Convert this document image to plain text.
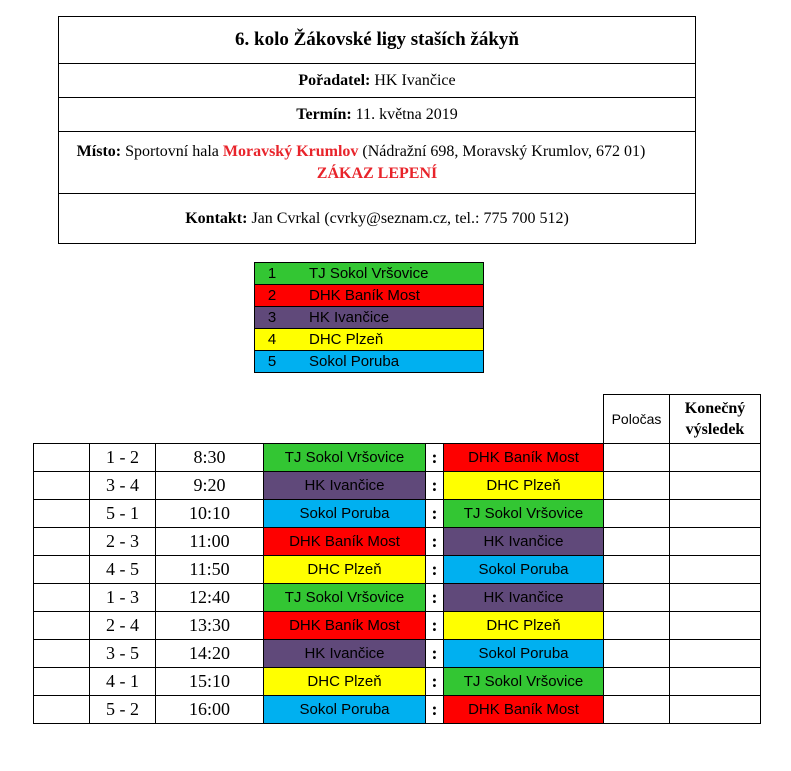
6. kolo Žákovské ligy staších žákyň
Pořadatel: HK Ivančice
Termín: 11. května 2019
Místo: Sportovní hala Moravský Krumlov (Nádražní 698, Moravský Krumlov, 672 01)         ZÁKAZ LEPENÍ
Kontakt: Jan Cvrkal (cvrky@seznam.cz, tel.: 775 700 512)
1	TJ Sokol Vršovice
2	DHK Baník Most
3	HK Ivančice
4	DHC Plzeň
5	Sokol Poruba
						Poločas	Konečný výsledek
	1 - 2	8:30	TJ Sokol Vršovice	:	DHK Baník Most		
	3 - 4	9:20	HK Ivančice	:	DHC Plzeň		
	5 - 1	10:10	Sokol Poruba	:	TJ Sokol Vršovice		
	2 - 3	11:00	DHK Baník Most	:	HK Ivančice		
	4 - 5	11:50	DHC Plzeň	:	Sokol Poruba		
	1 - 3	12:40	TJ Sokol Vršovice	:	HK Ivančice		
	2 - 4	13:30	DHK Baník Most	:	DHC Plzeň		
	3 - 5	14:20	HK Ivančice	:	Sokol Poruba		
	4 - 1	15:10	DHC Plzeň	:	TJ Sokol Vršovice		
	5 - 2	16:00	Sokol Poruba	:	DHK Baník Most		
